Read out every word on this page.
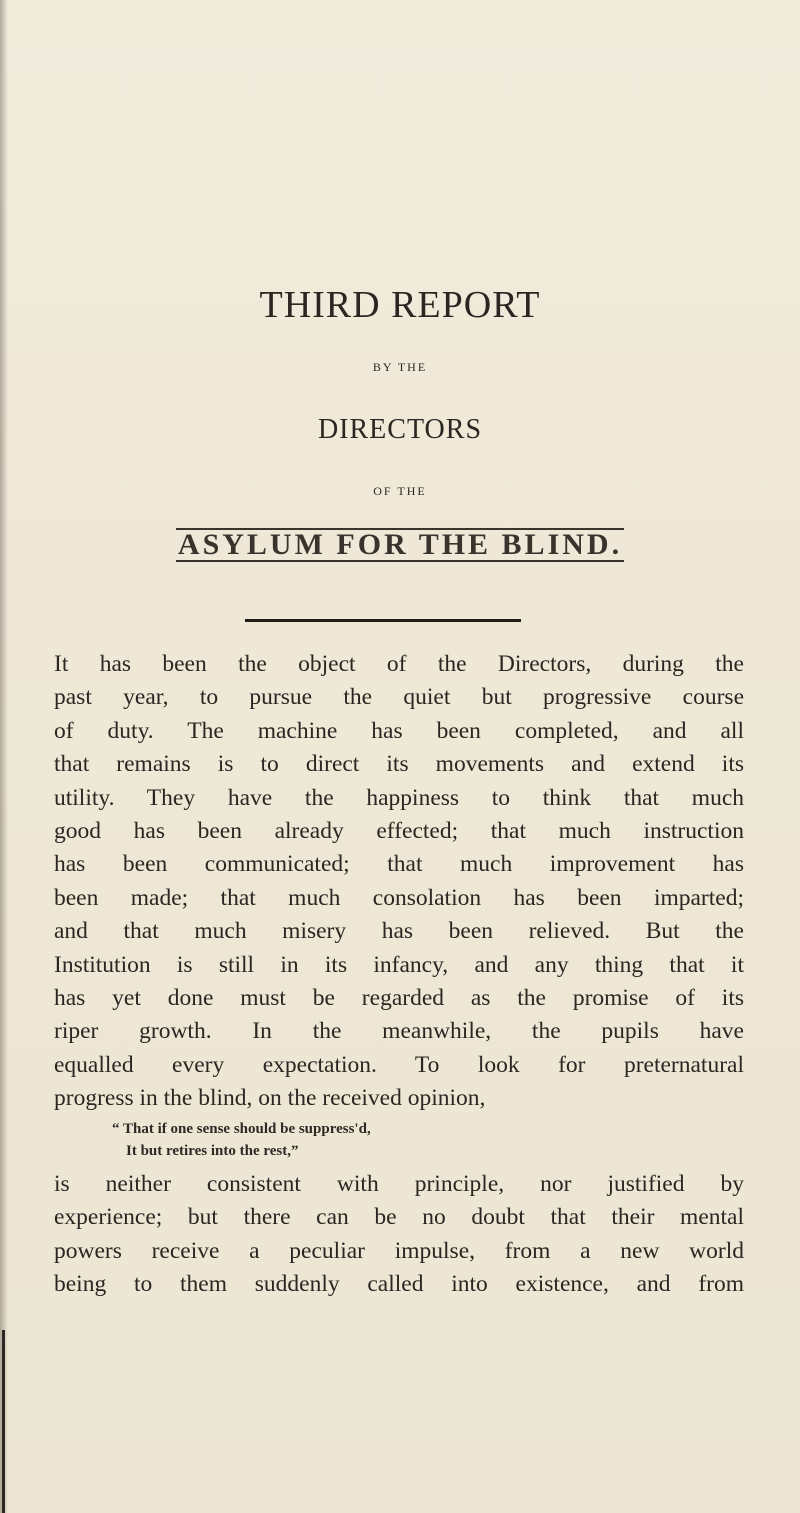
THIRD REPORT
BY THE
DIRECTORS
OF THE
ASYLUM FOR THE BLIND.
It has been the object of the Directors, during the
past year, to pursue the quiet but progressive course
of duty. The machine has been completed, and all
that remains is to direct its movements and extend its
utility. They have the happiness to think that much
good has been already effected; that much instruction
has been communicated; that much improvement has
been made; that much consolation has been imparted;
and that much misery has been relieved. But the
Institution is still in its infancy, and any thing that it
has yet done must be regarded as the promise of its
riper growth. In the meanwhile, the pupils have
equalled every expectation. To look for preternatural
progress in the blind, on the received opinion,
“ That if one sense should be suppress'd,
It but retires into the rest,”
is neither consistent with principle, nor justified by
experience; but there can be no doubt that their mental
powers receive a peculiar impulse, from a new world
being to them suddenly called into existence, and from
